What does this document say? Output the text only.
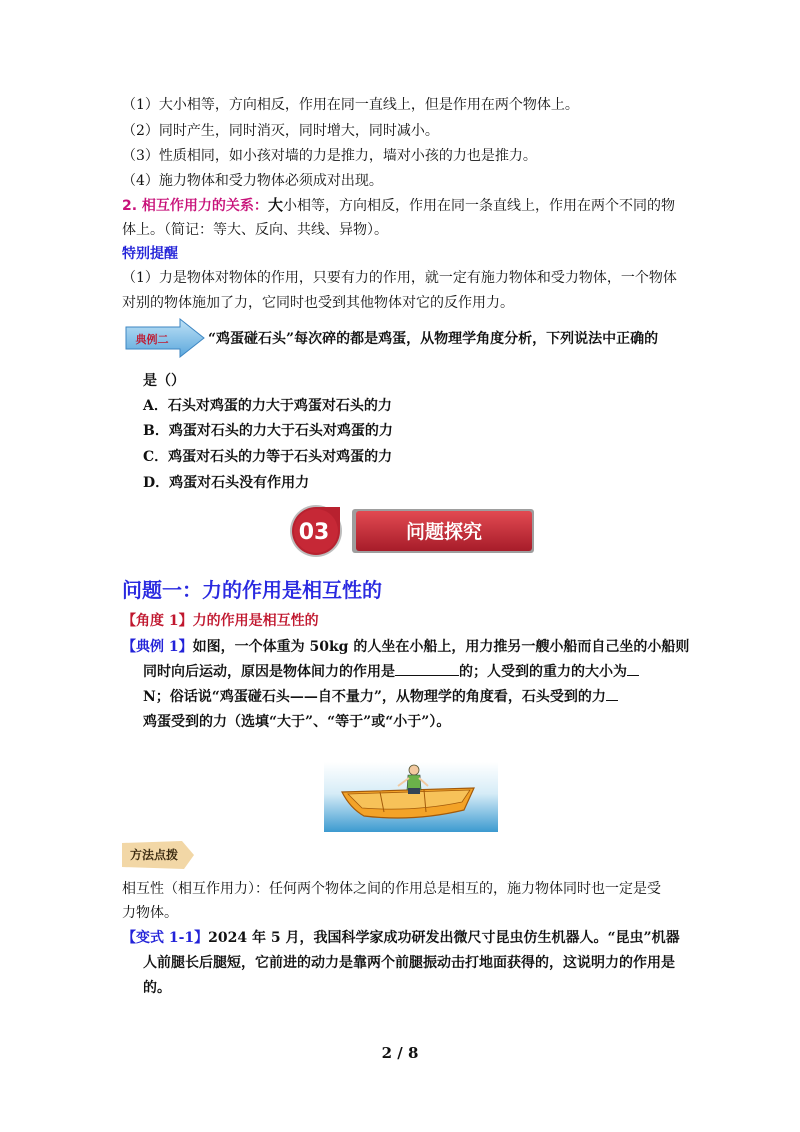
（1）大小相等，方向相反，作用在同一直线上，但是作用在两个物体上。
（2）同时产生，同时消灭，同时增大，同时减小。
（3）性质相同，如小孩对墙的力是推力，墙对小孩的力也是推力。
（4）施力物体和受力物体必须成对出现。
2. 相互作用力的关系：大小相等，方向相反，作用在同一条直线上，作用在两个不同的物
体上。（简记：等大、反向、共线、异物）。
特别提醒
（1）力是物体对物体的作用，只要有力的作用，就一定有施力物体和受力物体，一个物体
对别的物体施加了力，它同时也受到其他物体对它的反作用力。
典例二	“鸡蛋碰石头”每次碎的都是鸡蛋，从物理学角度分析，下列说法中正确的
是（）
A．石头对鸡蛋的力大于鸡蛋对石头的力
B．鸡蛋对石头的力大于石头对鸡蛋的力
C．鸡蛋对石头的力等于石头对鸡蛋的力
D．鸡蛋对石头没有作用力
03	问题探究
问题一：力的作用是相互性的
【角度 1】力的作用是相互性的
【典例 1】如图，一个体重为 50kg 的人坐在小船上，用力推另一艘小船而自己坐的小船则
同时向后运动，原因是物体间力的作用是	的；人受到的重力的大小为
N；俗话说“鸡蛋碰石头——自不量力”，从物理学的角度看，石头受到的力
鸡蛋受到的力（选填“大于”、“等于”或“小于”）。
方法点拨
相互性（相互作用力）：任何两个物体之间的作用总是相互的，施力物体同时也一定是受
力物体。
【变式 1-1】2024 年 5 月，我国科学家成功研发出微尺寸昆虫仿生机器人。“昆虫”机器
人前腿长后腿短，它前进的动力是靠两个前腿振动击打地面获得的，这说明力的作用是
的。
2 / 8
